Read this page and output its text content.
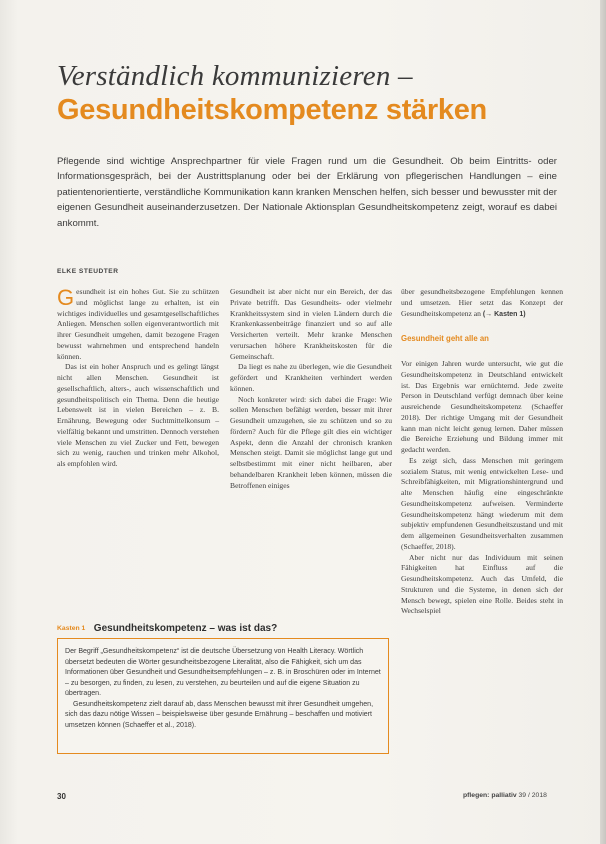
Verständlich kommunizieren –
Gesundheitskompetenz stärken
Pflegende sind wichtige Ansprechpartner für viele Fragen rund um die Gesundheit. Ob beim Eintritts- oder Informationsgespräch, bei der Austrittsplanung oder bei der Erklärung von pflegerischen Handlungen – eine patientenorientierte, verständliche Kommunikation kann kranken Menschen helfen, sich besser und bewusster mit der eigenen Gesundheit auseinanderzusetzen. Der Nationale Aktionsplan Gesundheitskompetenz zeigt, worauf es dabei ankommt.
ELKE STEUDTER

Gesundheit ist ein hohes Gut. Sie zu schützen und möglichst lange zu erhalten, ist ein wichtiges individuelles und gesamtgesellschaftliches Anliegen. Menschen sollen eigenverantwortlich mit ihrer Gesundheit umgehen, damit bezogene Fragen bewusst wahrnehmen und entsprechend handeln können.

Das ist ein hoher Anspruch und es gelingt längst nicht allen Menschen. Gesundheit ist gesellschaftlich, alters-, auch wissenschaftlich und gesundheitspolitisch ein Thema. Denn die heutige Lebenswelt ist in vielen Bereichen – z. B. Ernährung, Bewegung oder Suchtmittelkonsum – vielfältig bekannt und umstritten. Dennoch verstehen viele Menschen zu viel Zucker und Fett, bewegen sich zu wenig, rauchen und trinken mehr Alkohol, als empfohlen wird.

Gesundheit ist aber nicht nur ein Bereich, der das Private betrifft. Das Gesundheits- oder vielmehr Krankheitssystem sind in vielen Ländern durch die Krankenkassenbeiträge finanziert und so auf alle Versicherten verteilt. Mehr kranke Menschen verursachen höhere Krankheitskosten für die Gemeinschaft.

Da liegt es nahe zu überlegen, wie die Gesundheit gefördert und Krankheiten verhindert werden können.

Noch konkreter wird: sich dabei die Frage: Wie sollen Menschen befähigt werden, besser mit ihrer Gesundheit umzugehen, sie zu schützen und so zu fördern? Auch für die Pflege gilt dies ein wichtiger Aspekt, denn die Anzahl der chronisch kranken Menschen steigt. Damit sie möglichst lange gut und selbstbestimmt mit einer nicht heilbaren, aber behandelbaren Krankheit leben können, müssen die Betroffenen einiges

über gesundheitsbezogene Empfehlungen kennen und umsetzen. Hier setzt das Konzept der Gesundheitskompetenz an (→ Kasten 1)

Gesundheit geht alle an

Vor einigen Jahren wurde untersucht, wie gut die Gesundheitskompetenz in Deutschland entwickelt ist. Das Ergebnis war ernüchternd. Jede zweite Person in Deutschland verfügt demnach über keine ausreichende Gesundheitskompetenz (Schaeffer 2018). Der richtige Umgang mit der Gesundheit kann man nicht leicht genug lernen. Daher müssen die Bereiche Erziehung und Bildung immer mit gedacht werden.

Es zeigt sich, dass Menschen mit geringem sozialem Status, mit wenig entwickelten Lese- und Schreibfähigkeiten, mit Migrationshintergrund und alte Menschen häufig eine eingeschränkte Gesundheitskompetenz aufweisen. Verminderte Gesundheitskompetenz hängt wiederum mit dem subjektiv empfundenen Gesundheitszustand und mit dem allgemeinen Gesundheitsverhalten zusammen (Schaeffer, 2018).

Aber nicht nur das Individuum mit seinen Fähigkeiten hat Einfluss auf die Gesundheitskompetenz. Auch das Umfeld, die Strukturen und die Systeme, in denen sich der Mensch bewegt, spielen eine Rolle. Beides steht in Wechselspiel

Kasten 1 Gesundheitskompetenz – was ist das?

Der Begriff „Gesundheitskompetenz“ ist die deutsche Übersetzung von Health Literacy. Wörtlich übersetzt bedeuten die Wörter gesundheitsbezogene Literalität, also die Fähigkeit, sich um das Informationen über Gesundheit und Gesundheitsempfehlungen – z. B. in Broschüren oder im Internet – zu besorgen, zu finden, zu lesen, zu verstehen, zu beurteilen und auf die eigene Situation zu übertragen.

Gesundheitskompetenz zielt darauf ab, dass Menschen bewusst mit ihrer Gesundheit umgehen, sich das dazu nötige Wissen – beispielsweise über gesunde Ernährung – beschaffen und motiviert umsetzen können (Schaeffer et al., 2018).

30	pflegen: palliativ 39 / 2018
